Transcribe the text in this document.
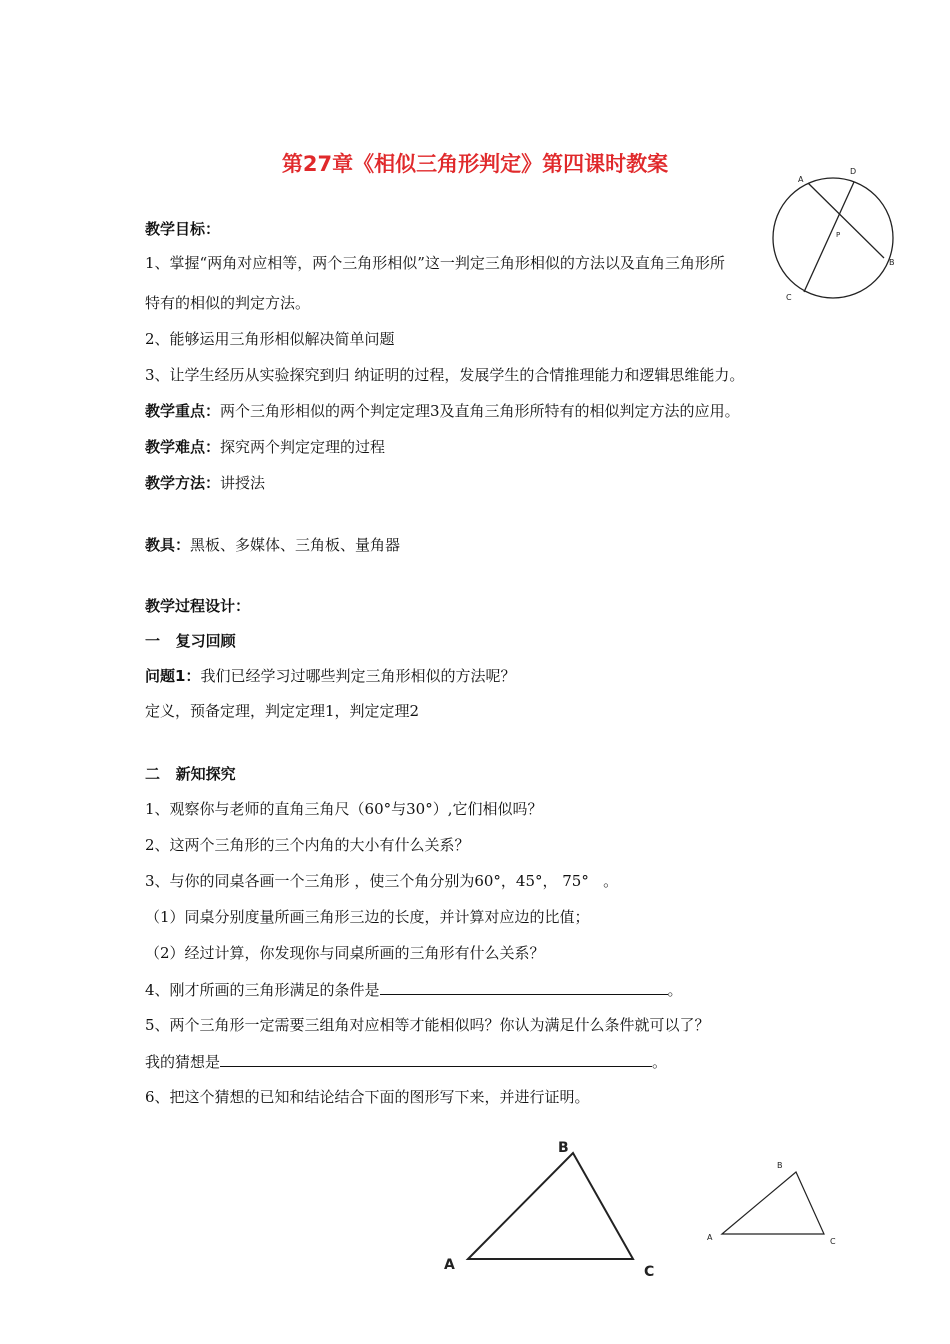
第27章《相似三角形判定》第四课时教案
A
D
B
C
P
教学目标：
1、掌握“两角对应相等，两个三角形相似”这一判定三角形相似的方法以及直角三角形所
特有的相似的判定方法。
2、能够运用三角形相似解决简单问题
3、让学生经历从实验探究到归 纳证明的过程，发展学生的合情推理能力和逻辑思维能力。
教学重点：两个三角形相似的两个判定定理3及直角三角形所特有的相似判定方法的应用。
教学难点：探究两个判定定理的过程
教学方法：讲授法
教具：黑板、多媒体、三角板、量角器
教学过程设计：
一   复习回顾
问题1：我们已经学习过哪些判定三角形相似的方法呢？
定义，预备定理，判定定理1，判定定理2
二   新知探究
1、观察你与老师的直角三角尺（60°与30°）,它们相似吗？
2、这两个三角形的三个内角的大小有什么关系？
3、与你的同桌各画一个三角形 ，使三个角分别为60°，45°， 75°   。
（1）同桌分别度量所画三角形三边的长度，并计算对应边的比值；
（2）经过计算，你发现你与同桌所画的三角形有什么关系？
4、刚才所画的三角形满足的条件是	。
5、两个三角形一定需要三组角对应相等才能相似吗？你认为满足什么条件就可以了？
我的猜想是	。
6、把这个猜想的已知和结论结合下面的图形写下来，并进行证明。
A
B
C
A
B
C
